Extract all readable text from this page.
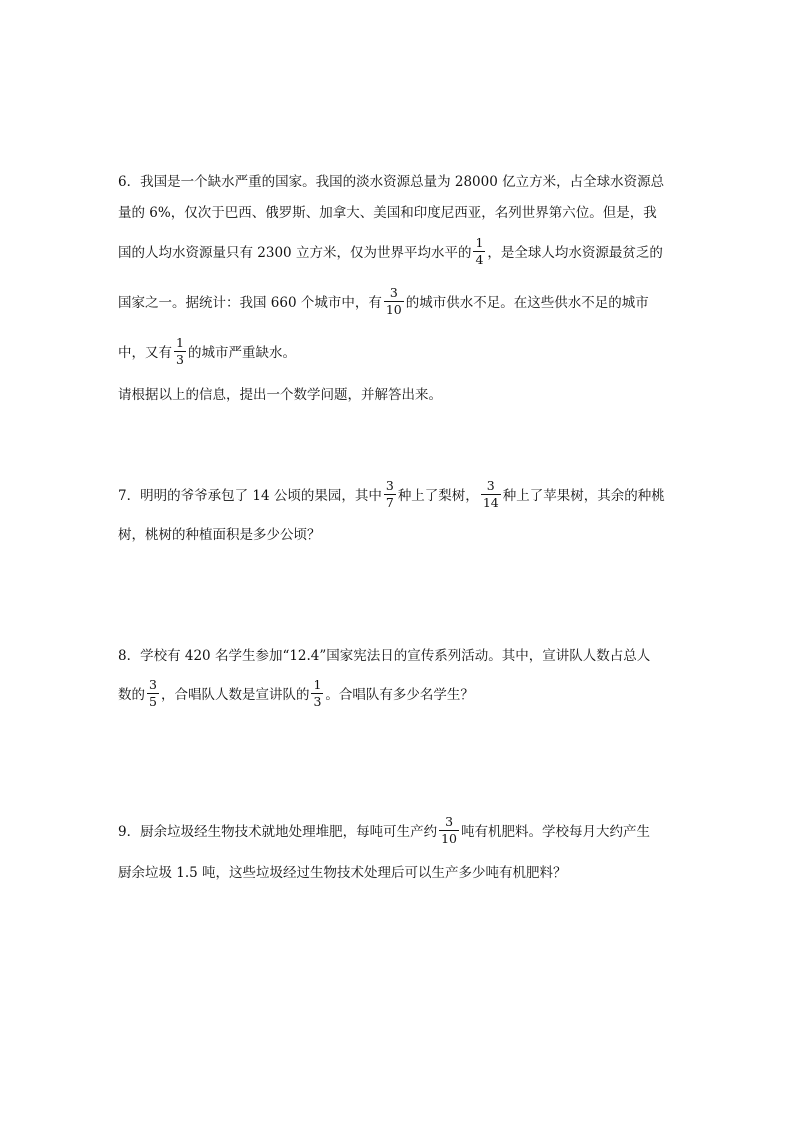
6．我国是一个缺水严重的国家。我国的淡水资源总量为 28000 亿立方米，占全球水资源总
量的 6%，仅次于巴西、俄罗斯、加拿大、美国和印度尼西亚，名列世界第六位。但是，我
国的人均水资源量只有 2300 立方米，仅为世界平均水平的 $\frac{1}{4}$ ，是全球人均水资源最贫乏的
国家之一。据统计：我国 660 个城市中，有 $\frac{3}{10}$ 的城市供水不足。在这些供水不足的城市
中，又有 $\frac{1}{3}$ 的城市严重缺水。
请根据以上的信息，提出一个数学问题，并解答出来。
7．明明的爷爷承包了 14 公顷的果园，其中 $\frac{3}{7}$ 种上了梨树， $\frac{3}{14}$ 种上了苹果树，其余的种桃
树，桃树的种植面积是多少公顷？
8．学校有 420 名学生参加“12.4”国家宪法日的宣传系列活动。其中，宣讲队人数占总人
数的 $\frac{3}{5}$ ，合唱队人数是宣讲队的 $\frac{1}{3}$ 。合唱队有多少名学生？
9．厨余垃圾经生物技术就地处理堆肥，每吨可生产约 $\frac{3}{10}$ 吨有机肥料。学校每月大约产生
厨余垃圾 1.5 吨，这些垃圾经过生物技术处理后可以生产多少吨有机肥料？
